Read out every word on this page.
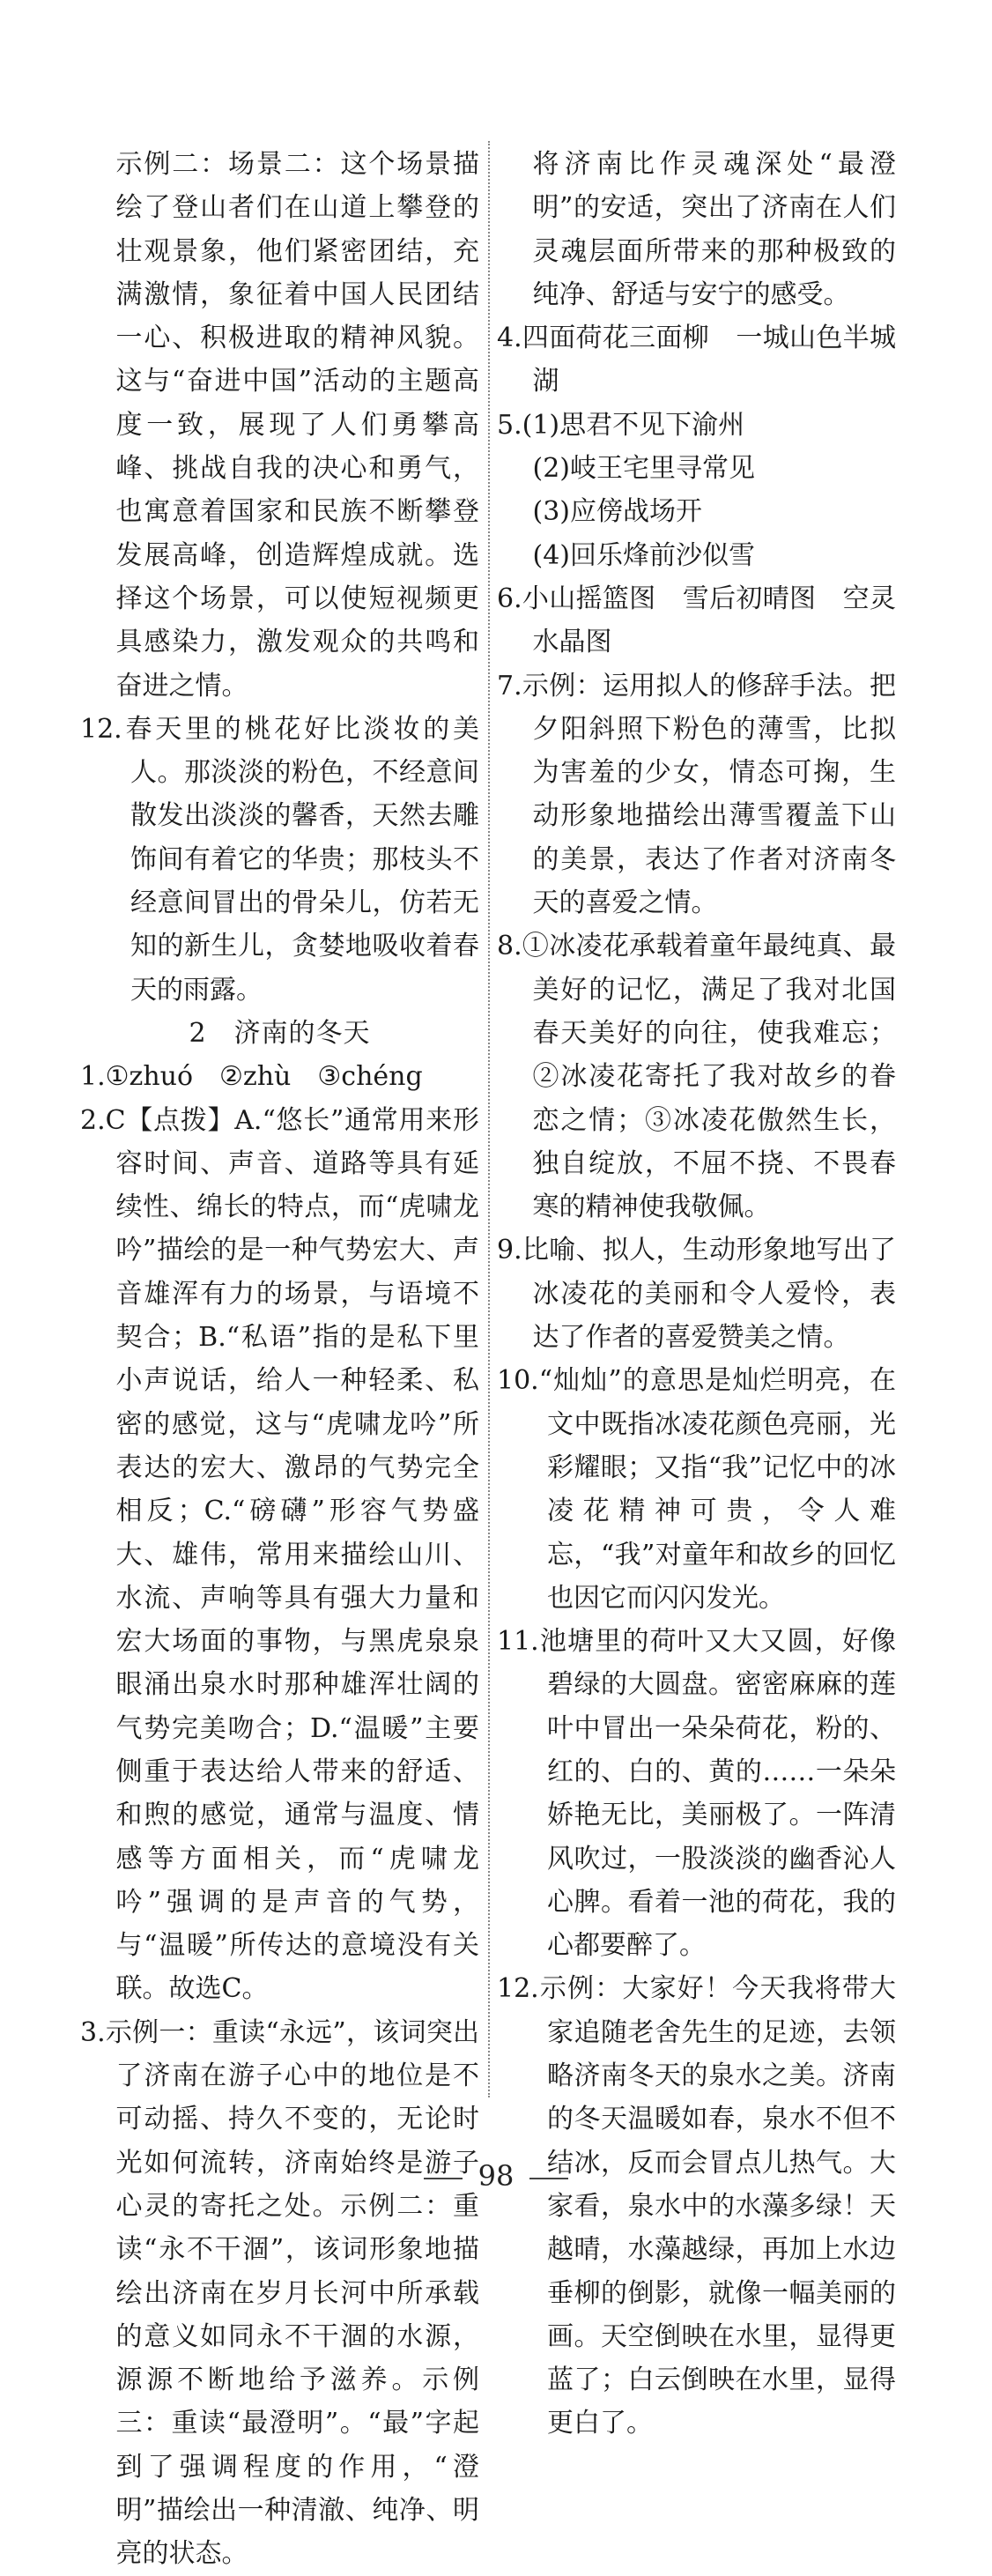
示例二：场景二：这个场景描绘了登山者们在山道上攀登的壮观景象，他们紧密团结，充满激情，象征着中国人民团结一心、积极进取的精神风貌。这与“奋进中国”活动的主题高度一致，展现了人们勇攀高峰、挑战自我的决心和勇气，也寓意着国家和民族不断攀登发展高峰，创造辉煌成就。选择这个场景，可以使短视频更具感染力，激发观众的共鸣和奋进之情。
12.春天里的桃花好比淡妆的美人。那淡淡的粉色，不经意间散发出淡淡的馨香，天然去雕饰间有着它的华贵；那枝头不经意间冒出的骨朵儿，仿若无知的新生儿，贪婪地吸收着春天的雨露。
2　济南的冬天
1.①zhuó　②zhù　③chéng
2.C【点拨】A.“悠长”通常用来形容时间、声音、道路等具有延续性、绵长的特点，而“虎啸龙吟”描绘的是一种气势宏大、声音雄浑有力的场景，与语境不契合；B.“私语”指的是私下里小声说话，给人一种轻柔、私密的感觉，这与“虎啸龙吟”所表达的宏大、激昂的气势完全相反；C.“磅礴”形容气势盛大、雄伟，常用来描绘山川、水流、声响等具有强大力量和宏大场面的事物，与黑虎泉泉眼涌出泉水时那种雄浑壮阔的气势完美吻合；D.“温暖”主要侧重于表达给人带来的舒适、和煦的感觉，通常与温度、情感等方面相关，而“虎啸龙吟”强调的是声音的气势，与“温暖”所传达的意境没有关联。故选C。
3.示例一：重读“永远”，该词突出了济南在游子心中的地位是不可动摇、持久不变的，无论时光如何流转，济南始终是游子心灵的寄托之处。示例二：重读“永不干涸”，该词形象地描绘出济南在岁月长河中所承载的意义如同永不干涸的水源，源源不断地给予滋养。示例三：重读“最澄明”。“最”字起到了强调程度的作用，“澄明”描绘出一种清澈、纯净、明亮的状态。
将济南比作灵魂深处“最澄明”的安适，突出了济南在人们灵魂层面所带来的那种极致的纯净、舒适与安宁的感受。
4.四面荷花三面柳　一城山色半城湖
5.(1)思君不见下渝州
(2)岐王宅里寻常见
(3)应傍战场开
(4)回乐烽前沙似雪
6.小山摇篮图　雪后初晴图　空灵水晶图
7.示例：运用拟人的修辞手法。把夕阳斜照下粉色的薄雪，比拟为害羞的少女，情态可掬，生动形象地描绘出薄雪覆盖下山的美景，表达了作者对济南冬天的喜爱之情。
8.①冰凌花承载着童年最纯真、最美好的记忆，满足了我对北国春天美好的向往，使我难忘；②冰凌花寄托了我对故乡的眷恋之情；③冰凌花傲然生长，独自绽放，不屈不挠、不畏春寒的精神使我敬佩。
9.比喻、拟人，生动形象地写出了冰凌花的美丽和令人爱怜，表达了作者的喜爱赞美之情。
10.“灿灿”的意思是灿烂明亮，在文中既指冰凌花颜色亮丽，光彩耀眼；又指“我”记忆中的冰凌花精神可贵，令人难忘，“我”对童年和故乡的回忆也因它而闪闪发光。
11.池塘里的荷叶又大又圆，好像碧绿的大圆盘。密密麻麻的莲叶中冒出一朵朵荷花，粉的、红的、白的、黄的……一朵朵娇艳无比，美丽极了。一阵清风吹过，一股淡淡的幽香沁人心脾。看着一池的荷花，我的心都要醉了。
12.示例：大家好！今天我将带大家追随老舍先生的足迹，去领略济南冬天的泉水之美。济南的冬天温暖如春，泉水不但不结冰，反而会冒点儿热气。大家看，泉水中的水藻多绿！天越晴，水藻越绿，再加上水边垂柳的倒影，就像一幅美丽的画。天空倒映在水里，显得更蓝了；白云倒映在水里，显得更白了。
98
